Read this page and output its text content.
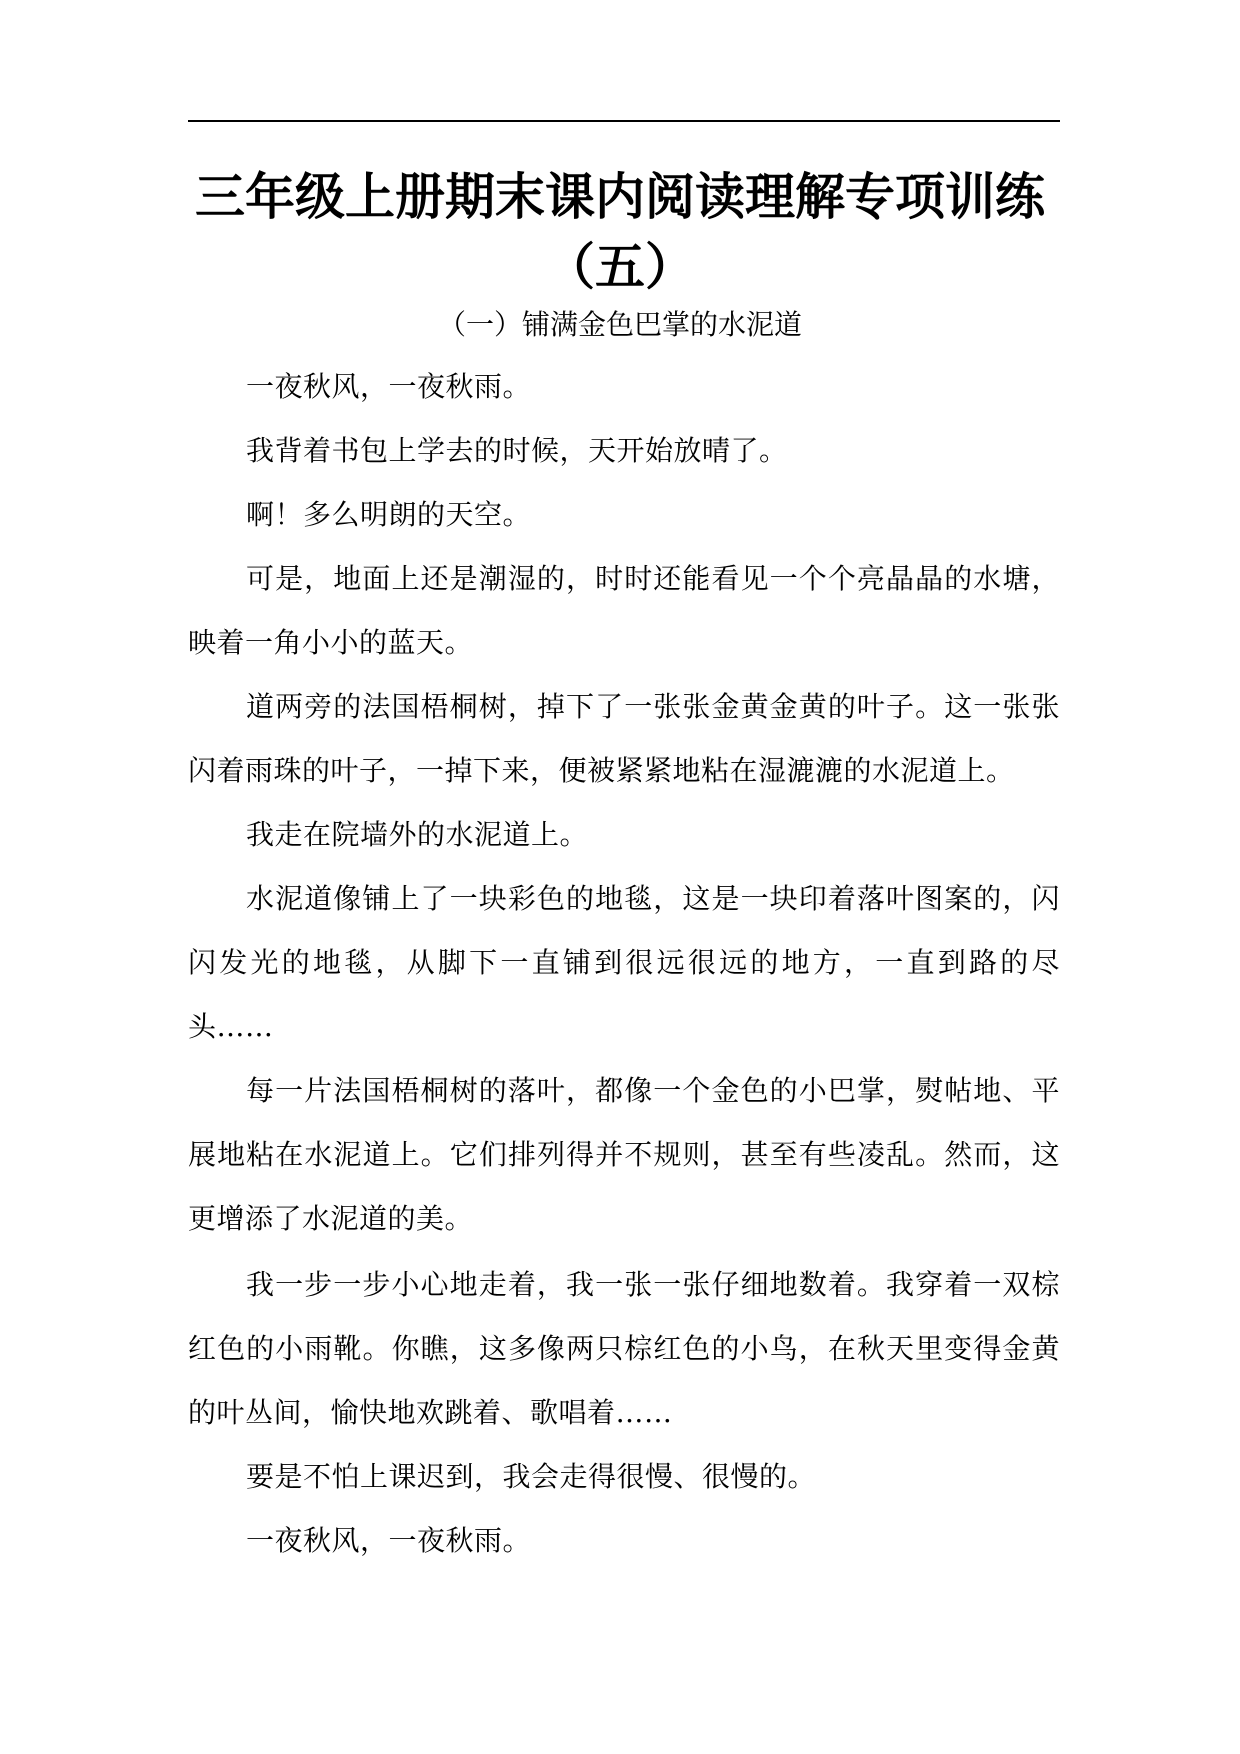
三年级上册期末课内阅读理解专项训练

（五）

（一）铺满金色巴掌的水泥道

一夜秋风，一夜秋雨。

我背着书包上学去的时候，天开始放晴了。

啊！多么明朗的天空。

可是，地面上还是潮湿的，时时还能看见一个个亮晶晶的水塘，映着一角小小的蓝天。

道两旁的法国梧桐树，掉下了一张张金黄金黄的叶子。这一张张闪着雨珠的叶子，一掉下来，便被紧紧地粘在湿漉漉的水泥道上。

我走在院墙外的水泥道上。

水泥道像铺上了一块彩色的地毯，这是一块印着落叶图案的，闪闪发光的地毯，从脚下一直铺到很远很远的地方，一直到路的尽头……

每一片法国梧桐树的落叶，都像一个金色的小巴掌，熨帖地、平展地粘在水泥道上。它们排列得并不规则，甚至有些凌乱。然而，这更增添了水泥道的美。

我一步一步小心地走着，我一张一张仔细地数着。我穿着一双棕红色的小雨靴。你瞧，这多像两只棕红色的小鸟，在秋天里变得金黄的叶丛间，愉快地欢跳着、歌唱着……

要是不怕上课迟到，我会走得很慢、很慢的。

一夜秋风，一夜秋雨。
